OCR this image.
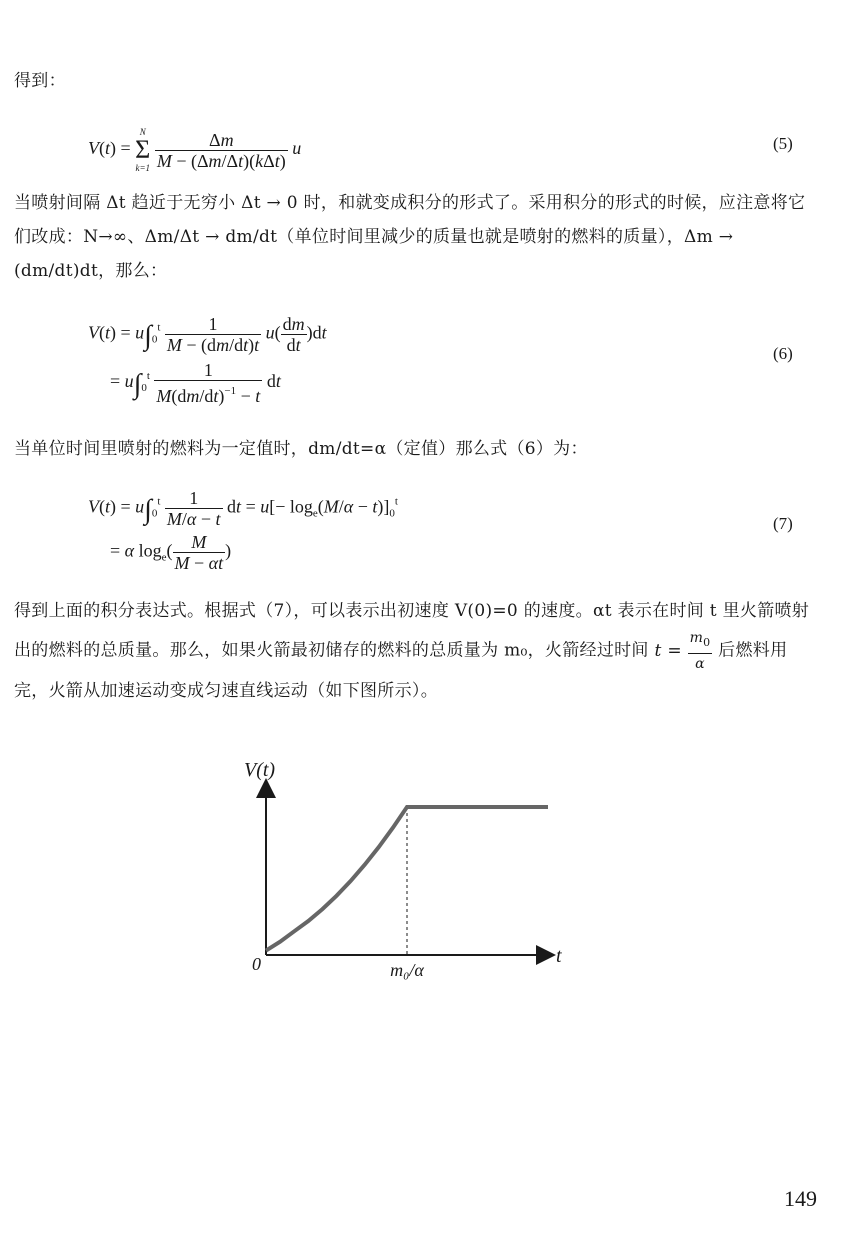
得到：
V(t) =
N
Σ
k=1
$\frac{\Delta m}{\text{M − (Δm/Δt)(kΔt)}}$ u	(5)
当喷射间隔 Δt 趋近于无穷小 Δt → 0 时，和就变成积分的形式了。采用积分的形式的时候，应注意将它们改成：N→∞、Δm/Δt → dm/dt（单位时间里减少的质量也就是喷射的燃料的质量），Δm → (dm/dt)dt，那么：
$V(t) = u\int_0^t \frac{1}{M - (dm/dt)t} u( \frac{dm}{dt} )dt$
= $u\int_0^t \frac{1}{M(dm/dt)^{-1} - t}$ dt
(6)
当单位时间里喷射的燃料为一定值时，dm/dt=α（定值）那么式（6）为：
$V(t) = u\int_0^t \frac{1}{M/\alpha - t}$ dt = $u[- \log_e(M/\alpha - t)]_0^t$
= α $\log_e( \frac{M}{M - \alpha t}$ )
(7)
得到上面的积分表达式。根据式（7），可以表示出初速度 V(0)=0 的速度。αt 表示在时间 t 里火箭喷射出的燃料的总质量。那么，如果火箭最初储存的燃料的总质量为 m₀，火箭经过时间 $t = \frac{m_0}{\alpha}$ 后燃料用完，火箭从加速运动变成匀速直线运动（如下图所示）。
V(t)
t
0	m₀/α
149
